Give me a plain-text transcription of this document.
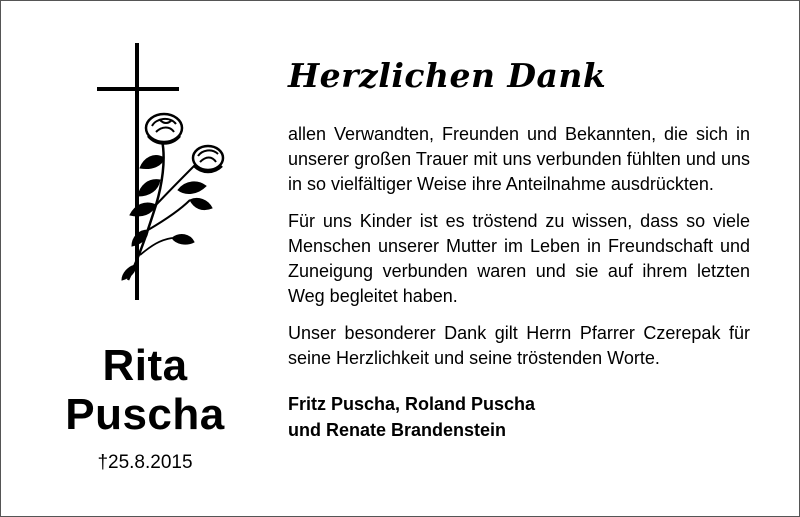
Rita
Puscha
†25.8.2015
Herzlichen Dank

allen Verwandten, Freunden und Bekannten, die sich in unserer großen Trauer mit uns verbunden fühlten und uns in so vielfältiger Weise ihre Anteilnahme ausdrückten.

Für uns Kinder ist es tröstend zu wissen, dass so viele Menschen unserer Mutter im Leben in Freundschaft und Zuneigung verbunden waren und sie auf ihrem letzten Weg begleitet haben.

Unser besonderer Dank gilt Herrn Pfarrer Czerepak für seine Herzlichkeit und seine tröstenden Worte.

Fritz Puscha, Roland Puscha
und Renate Brandenstein
